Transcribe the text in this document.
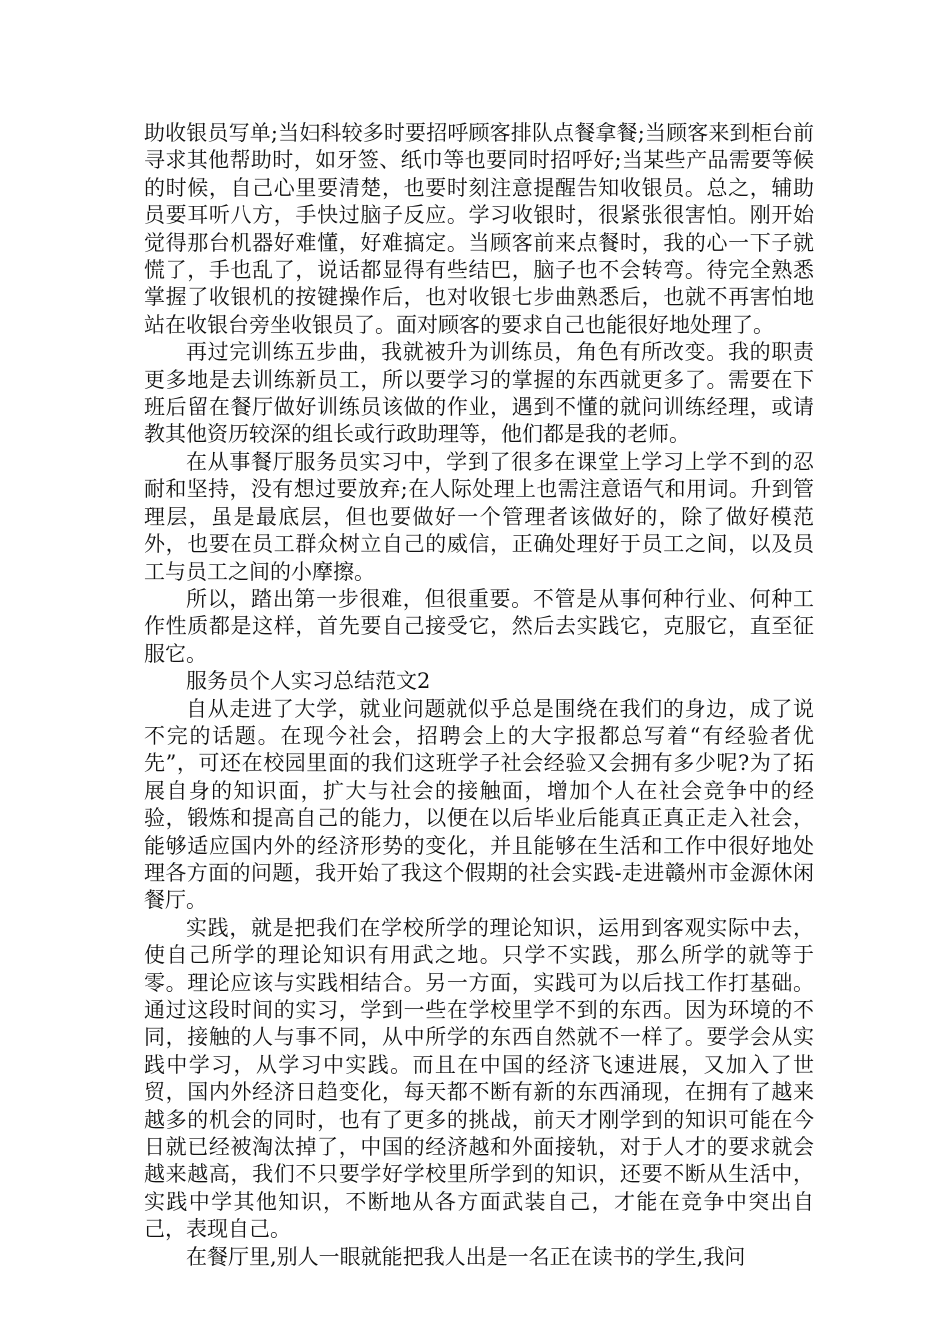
助收银员写单;当妇科较多时要招呼顾客排队点餐拿餐;当顾客来到柜台前寻求其他帮助时，如牙签、纸巾等也要同时招呼好;当某些产品需要等候的时候，自己心里要清楚，也要时刻注意提醒告知收银员。总之，辅助员要耳听八方，手快过脑子反应。学习收银时，很紧张很害怕。刚开始觉得那台机器好难懂，好难搞定。当顾客前来点餐时，我的心一下子就慌了，手也乱了，说话都显得有些结巴，脑子也不会转弯。待完全熟悉掌握了收银机的按键操作后，也对收银七步曲熟悉后，也就不再害怕地站在收银台旁坐收银员了。面对顾客的要求自己也能很好地处理了。

再过完训练五步曲，我就被升为训练员，角色有所改变。我的职责更多地是去训练新员工，所以要学习的掌握的东西就更多了。需要在下班后留在餐厅做好训练员该做的作业，遇到不懂的就问训练经理，或请教其他资历较深的组长或行政助理等，他们都是我的老师。

在从事餐厅服务员实习中，学到了很多在课堂上学习上学不到的忍耐和坚持，没有想过要放弃;在人际处理上也需注意语气和用词。升到管理层，虽是最底层，但也要做好一个管理者该做好的，除了做好模范外，也要在员工群众树立自己的威信，正确处理好于员工之间，以及员工与员工之间的小摩擦。

所以，踏出第一步很难，但很重要。不管是从事何种行业、何种工作性质都是这样，首先要自己接受它，然后去实践它，克服它，直至征服它。

服务员个人实习总结范文2

自从走进了大学，就业问题就似乎总是围绕在我们的身边，成了说不完的话题。在现今社会，招聘会上的大字报都总写着“有经验者优先”，可还在校园里面的我们这班学子社会经验又会拥有多少呢?为了拓展自身的知识面，扩大与社会的接触面，增加个人在社会竞争中的经验，锻炼和提高自己的能力，以便在以后毕业后能真正真正走入社会，能够适应国内外的经济形势的变化，并且能够在生活和工作中很好地处理各方面的问题，我开始了我这个假期的社会实践-走进赣州市金源休闲餐厅。

实践，就是把我们在学校所学的理论知识，运用到客观实际中去，使自己所学的理论知识有用武之地。只学不实践，那么所学的就等于零。理论应该与实践相结合。另一方面，实践可为以后找工作打基础。通过这段时间的实习，学到一些在学校里学不到的东西。因为环境的不同，接触的人与事不同，从中所学的东西自然就不一样了。要学会从实践中学习，从学习中实践。而且在中国的经济飞速进展，又加入了世贸，国内外经济日趋变化，每天都不断有新的东西涌现，在拥有了越来越多的机会的同时，也有了更多的挑战，前天才刚学到的知识可能在今日就已经被淘汰掉了，中国的经济越和外面接轨，对于人才的要求就会越来越高，我们不只要学好学校里所学到的知识，还要不断从生活中，实践中学其他知识，不断地从各方面武装自己，才能在竞争中突出自己，表现自己。

在餐厅里,别人一眼就能把我人出是一名正在读书的学生,我问
